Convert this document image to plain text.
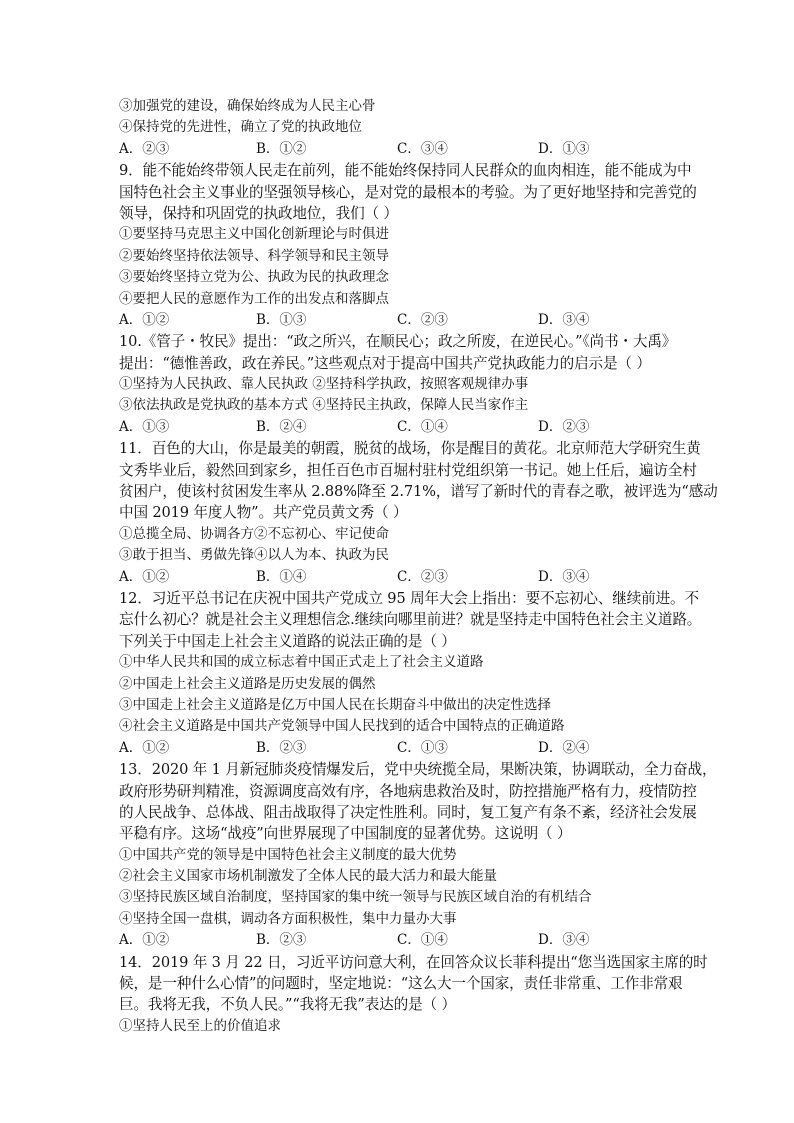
③加强党的建设，确保始终成为人民主心骨
④保持党的先进性，确立了党的执政地位
A．②③	B．①②	C．③④	D．①③
9．能不能始终带领人民走在前列，能不能始终保持同人民群众的血肉相连，能不能成为中
国特色社会主义事业的坚强领导核心，是对党的最根本的考验。为了更好地坚持和完善党的
领导，保持和巩固党的执政地位，我们（ ）
①要坚持马克思主义中国化创新理论与时俱进
②要始终坚持依法领导、科学领导和民主领导
③要始终坚持立党为公、执政为民的执政理念
④要把人民的意愿作为工作的出发点和落脚点
A．①②	B．①③	C．②③	D．③④
10.《管子・牧民》提出：“政之所兴，在顺民心；政之所废，在逆民心。”《尚书・大禹》
提出：“德惟善政，政在养民。”这些观点对于提高中国共产党执政能力的启示是（ ）
①坚持为人民执政、靠人民执政 ②坚持科学执政，按照客观规律办事
③依法执政是党执政的基本方式 ④坚持民主执政，保障人民当家作主
A．①③	B．②④	C．①④	D．②③
11．百色的大山，你是最美的朝霞，脱贫的战场，你是醒目的黄花。北京师范大学研究生黄
文秀毕业后，毅然回到家乡，担任百色市百堀村驻村党组织第一书记。她上任后，遍访全村
贫困户，使该村贫困发生率从 2.88%降至 2.71%，谱写了新时代的青春之歌，被评选为“感动
中国 2019 年度人物”。共产党员黄文秀（ ）
①总揽全局、协调各方②不忘初心、牢记使命
③敢于担当、勇做先锋④以人为本、执政为民
A．①②	B．①④	C．②③	D．③④
12．习近平总书记在庆祝中国共产党成立 95 周年大会上指出：要不忘初心、继续前进。不
忘什么初心？就是社会主义理想信念.继续向哪里前进？就是坚持走中国特色社会主义道路。
下列关于中国走上社会主义道路的说法正确的是（ ）
①中华人民共和国的成立标志着中国正式走上了社会主义道路
②中国走上社会主义道路是历史发展的偶然
③中国走上社会主义道路是亿万中国人民在长期奋斗中做出的决定性选择
④社会主义道路是中国共产党领导中国人民找到的适合中国特点的正确道路
A．①②	B．②③	C．①③	D．②④
13．2020 年 1 月新冠肺炎疫情爆发后，党中央统揽全局，果断决策，协调联动，全力奋战，
政府形势研判精准，资源调度高效有序，各地病患救治及时，防控措施严格有力，疫情防控
的人民战争、总体战、阻击战取得了决定性胜利。同时，复工复产有条不紊，经济社会发展
平稳有序。这场“战疫”向世界展现了中国制度的显著优势。这说明（ ）
①中国共产党的领导是中国特色社会主义制度的最大优势
②社会主义国家市场机制激发了全体人民的最大活力和最大能量
③坚持民族区域自治制度，坚持国家的集中统一领导与民族区域自治的有机结合
④坚持全国一盘棋，调动各方面积极性，集中力量办大事
A．①②	B．②③	C．①④	D．③④
14．2019 年 3 月 22 日，习近平访问意大利，在回答众议长菲科提出“您当选国家主席的时
候，是一种什么心情”的问题时，坚定地说：“这么大一个国家，责任非常重、工作非常艰
巨。我将无我，不负人民。”“我将无我”表达的是（ ）
①坚持人民至上的价值追求
